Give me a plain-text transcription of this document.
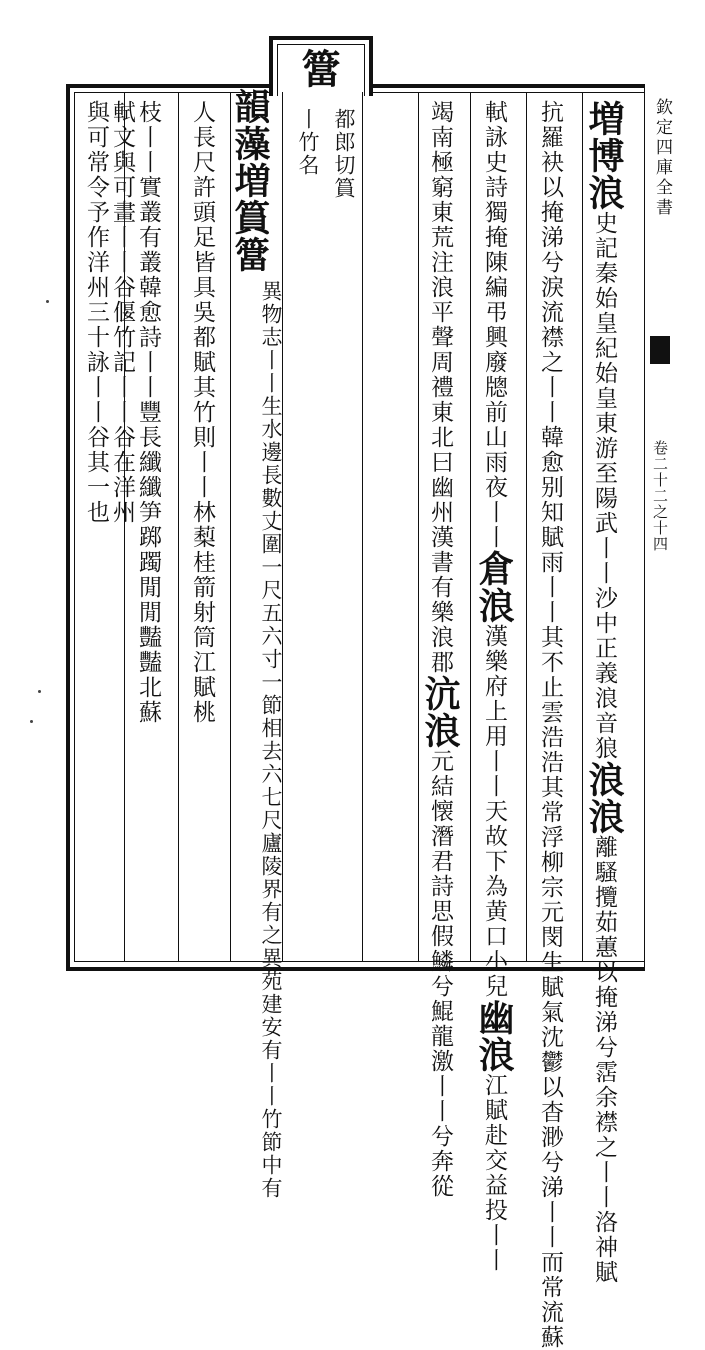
欽定四庫全書
卷二十二之十四
簹
都郎切篔
丨竹名	増博浪史記秦始皇紀始皇東游至陽武丨丨沙中正義浪音狼浪浪離騷攬茹蕙以掩涕兮霑余襟之丨丨洛神賦
抗羅袂以掩涕兮淚流襟之丨丨韓愈别知賦雨丨丨其不止雲浩浩其常浮柳宗元閔生賦氣沈鬱以杳渺兮涕丨丨而常流蘇
軾詠史詩獨掩陳編弔興廢牕前山雨夜丨丨倉浪漢樂府上用丨丨天故下為黄口小兒幽浪江賦赴交益投丨丨
竭南極窮東荒注浪平聲周禮東北曰幽州漢書有樂浪郡沆浪元結懐潛君詩思假鱗兮鯤龍激丨丨兮奔從
韻藻増篔簹
異物志丨丨生水邊長數丈圍一尺五六寸一節相去六七尺廬陵界有之異苑建安有丨丨竹節中有
人長尺許頭足皆具吳都賦其竹則丨丨林䔧桂箭射筒江賦桃
枝丨丨實叢有叢韓愈詩丨丨豐長纖纖笋踯躅閒閒豔豔北蘇
軾文與可畫丨丨谷偃竹記丨丨谷在洋州
與可常令予作洋州三十詠丨丨谷其一也
